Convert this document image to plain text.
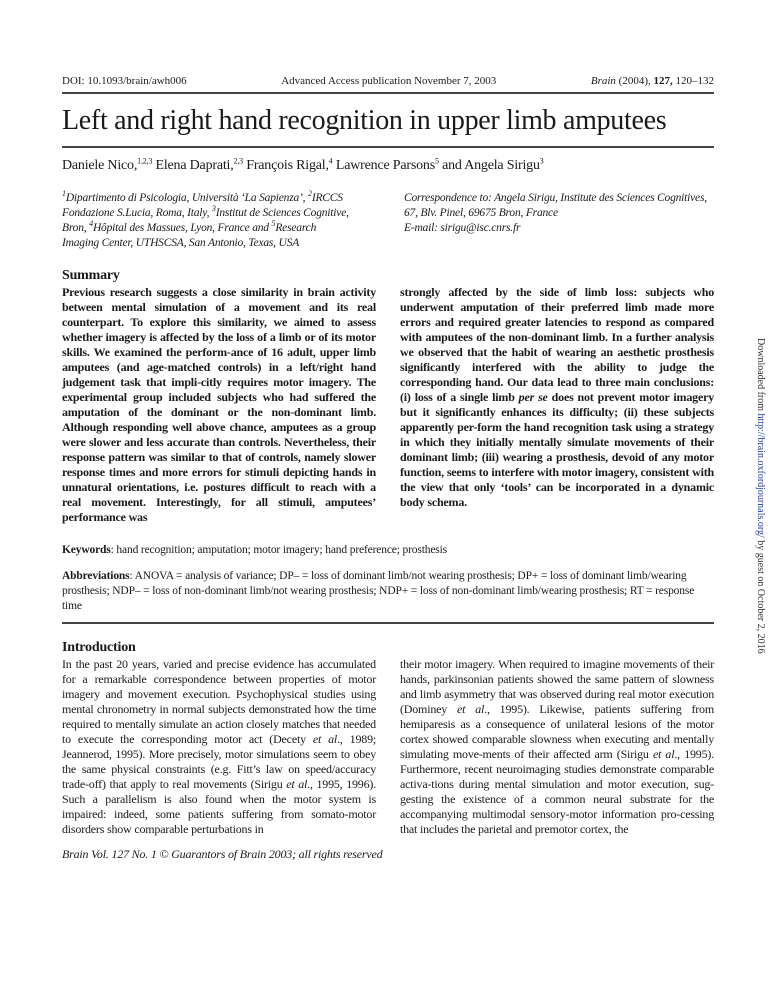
DOI: 10.1093/brain/awh006	Advanced Access publication November 7, 2003	Brain (2004), 127, 120–132
Left and right hand recognition in upper limb amputees
Daniele Nico,$^{1,2,3}$ Elena Daprati,$^{2,3}$ François Rigal,$^4$ Lawrence Parsons$^5$ and Angela Sirigu$^3$
$^1$Dipartimento di Psicologia, Università ‘La Sapienza’, $^2$IRCCS Fondazione S.Lucia, Roma, Italy, $^3$Institut de Sciences Cognitive, Bron, $^4$Hôpital des Massues, Lyon, France and $^5$Research Imaging Center, UTHSCSA, San Antonio, Texas, USA
Correspondence to: Angela Sirigu, Institute des Sciences Cognitives, 67, Blv. Pinel, 69675 Bron, France
E-mail: sirigu@isc.cnrs.fr
Summary
Previous research suggests a close similarity in brain activity between mental simulation of a movement and its real counterpart. To explore this similarity, we aimed to assess whether imagery is affected by the loss of a limb or of its motor skills. We examined the perform-ance of 16 adult, upper limb amputees (and age-matched controls) in a left/right hand judgement task that impli-citly requires motor imagery. The experimental group included subjects who had suffered the amputation of the dominant or the non-dominant limb. Although responding well above chance, amputees as a group were slower and less accurate than controls. Nevertheless, their response pattern was similar to that of controls, namely slower response times and more errors for stimuli depicting hands in unnatural orientations, i.e. postures difficult to reach with a real movement. Interestingly, for all stimuli, amputees’ performance was
strongly affected by the side of limb loss: subjects who underwent amputation of their preferred limb made more errors and required greater latencies to respond as compared with amputees of the non-dominant limb. In a further analysis we observed that the habit of wearing an aesthetic prosthesis significantly interfered with the ability to judge the corresponding hand. Our data lead to three main conclusions: (i) loss of a single limb per se does not prevent motor imagery but it significantly enhances its difficulty; (ii) these subjects apparently per-form the hand recognition task using a strategy in which they initially mentally simulate movements of their dominant limb; (iii) wearing a prosthesis, devoid of any motor function, seems to interfere with motor imagery, consistent with the view that only ‘tools’ can be incorporated in a dynamic body schema.
Keywords: hand recognition; amputation; motor imagery; hand preference; prosthesis
Abbreviations: ANOVA = analysis of variance; DP– = loss of dominant limb/not wearing prosthesis; DP+ = loss of dominant limb/wearing prosthesis; NDP– = loss of non-dominant limb/not wearing prosthesis; NDP+ = loss of non-dominant limb/wearing prosthesis; RT = response time
Introduction
In the past 20 years, varied and precise evidence has accumulated for a remarkable correspondence between properties of motor imagery and movement execution. Psychophysical studies using mental chronometry in normal subjects demonstrated how the time required to mentally simulate an action closely matches that needed to execute the corresponding motor act (Decety et al., 1989; Jeannerod, 1995). More precisely, motor simulations seem to obey the same physical constraints (e.g. Fitt’s law on speed/accuracy trade-off) that apply to real movements (Sirigu et al., 1995, 1996). Such a parallelism is also found when the motor system is impaired: indeed, some patients suffering from somato-motor disorders show comparable perturbations in
their motor imagery. When required to imagine movements of their hands, parkinsonian patients showed the same pattern of slowness and limb asymmetry that was observed during real motor execution (Dominey et al., 1995). Likewise, patients suffering from hemiparesis as a consequence of unilateral lesions of the motor cortex showed comparable slowness when executing and mentally simulating move-ments of their affected arm (Sirigu et al., 1995). Furthermore, recent neuroimaging studies demonstrate comparable activa-tions during mental simulation and motor execution, sug-gesting the existence of a common neural substrate for the accompanying multimodal sensory-motor information pro-cessing that includes the parietal and premotor cortex, the
Brain Vol. 127 No. 1 © Guarantors of Brain 2003; all rights reserved
Downloaded from http://brain.oxfordjournals.org/ by guest on October 2, 2016
